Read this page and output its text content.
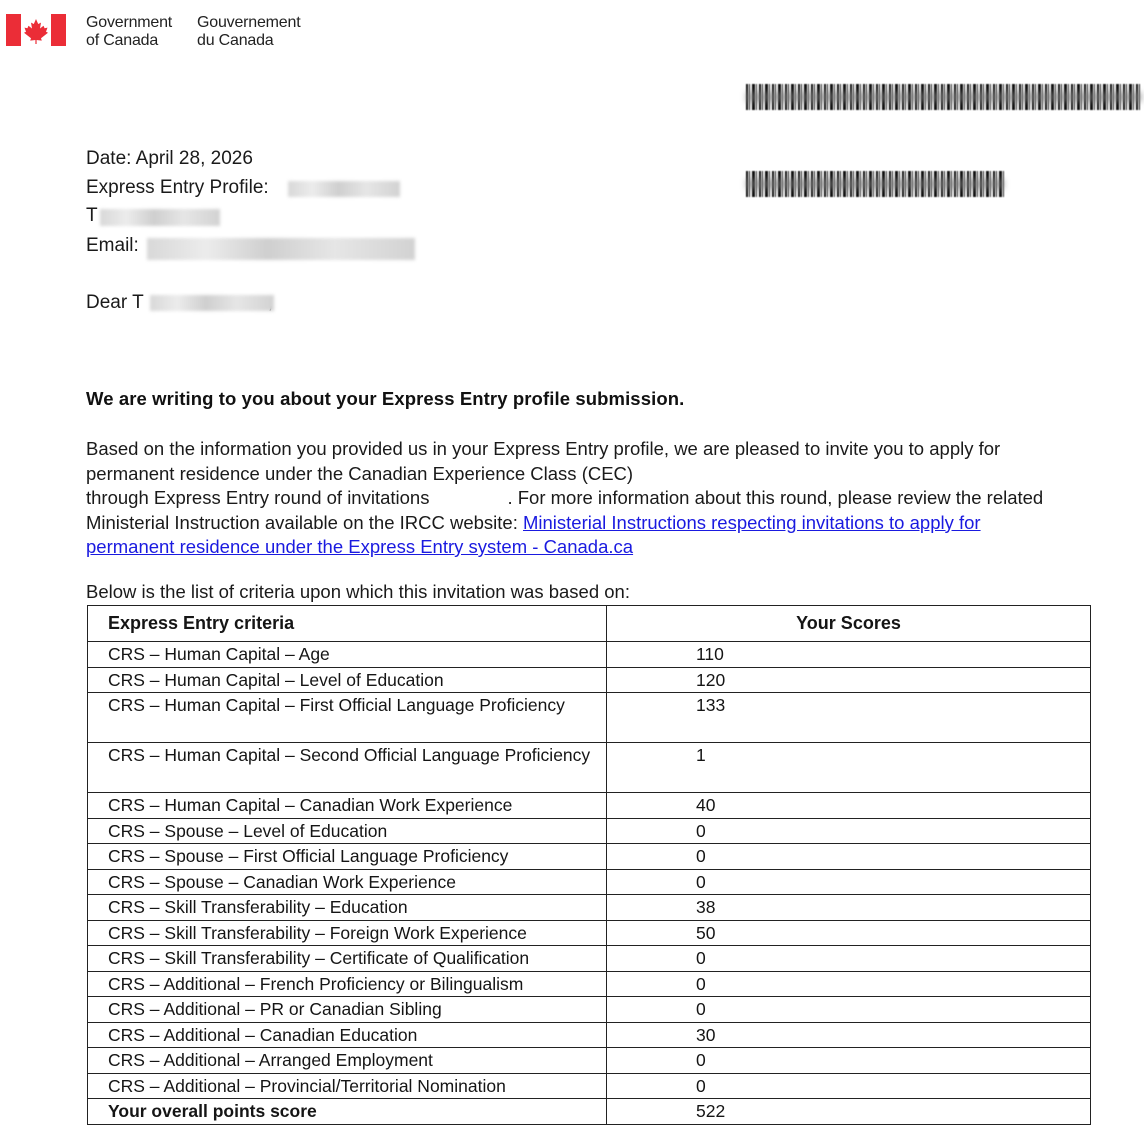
Government
of Canada
Gouvernement
du Canada
Date: April 28, 2026
Express Entry Profile:
T
Email:
Dear T
We are writing to you about your Express Entry profile submission.
Based on the information you provided us in your Express Entry profile, we are pleased to invite you to apply for
permanent residence under the Canadian Experience Class (CEC)
through Express Entry round of invitations	. For more information about this round, please review the related
Ministerial Instruction available on the IRCC website: Ministerial Instructions respecting invitations to apply for
permanent residence under the Express Entry system - Canada.ca
Below is the list of criteria upon which this invitation was based on:
Express Entry criteria	Your Scores
CRS – Human Capital – Age	110
CRS – Human Capital – Level of Education	120
CRS – Human Capital – First Official Language Proficiency	133
CRS – Human Capital – Second Official Language Proficiency	1
CRS – Human Capital – Canadian Work Experience	40
CRS – Spouse – Level of Education	0
CRS – Spouse – First Official Language Proficiency	0
CRS – Spouse – Canadian Work Experience	0
CRS – Skill Transferability – Education	38
CRS – Skill Transferability – Foreign Work Experience	50
CRS – Skill Transferability – Certificate of Qualification	0
CRS – Additional – French Proficiency or Bilingualism	0
CRS – Additional – PR or Canadian Sibling	0
CRS – Additional – Canadian Education	30
CRS – Additional – Arranged Employment	0
CRS – Additional – Provincial/Territorial Nomination	0
Your overall points score	522
